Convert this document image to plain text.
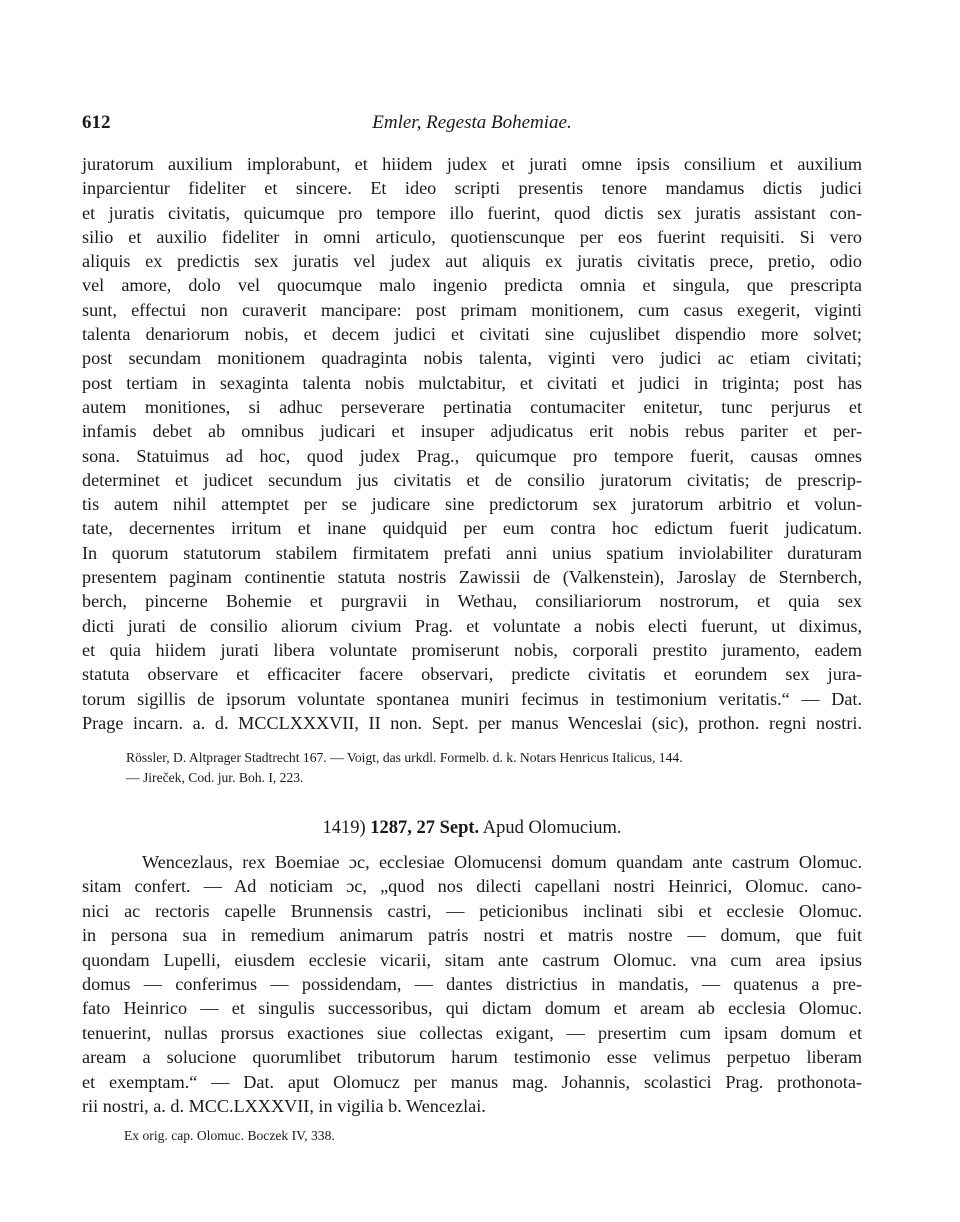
612	Emler, Regesta Bohemiae.
juratorum auxilium implorabunt, et hiidem judex et jurati omne ipsis consilium et auxilium
inparcientur fideliter et sincere. Et ideo scripti presentis tenore mandamus dictis judici
et juratis civitatis, quicumque pro tempore illo fuerint, quod dictis sex juratis assistant con-
silio et auxilio fideliter in omni articulo, quotienscunque per eos fuerint requisiti. Si vero
aliquis ex predictis sex juratis vel judex aut aliquis ex juratis civitatis prece, pretio, odio
vel amore, dolo vel quocumque malo ingenio predicta omnia et singula, que prescripta
sunt, effectui non curaverit mancipare: post primam monitionem, cum casus exegerit, viginti
talenta denariorum nobis, et decem judici et civitati sine cujuslibet dispendio more solvet;
post secundam monitionem quadraginta nobis talenta, viginti vero judici ac etiam civitati;
post tertiam in sexaginta talenta nobis mulctabitur, et civitati et judici in triginta; post has
autem monitiones, si adhuc perseverare pertinatia contumaciter enitetur, tunc perjurus et
infamis debet ab omnibus judicari et insuper adjudicatus erit nobis rebus pariter et per-
sona. Statuimus ad hoc, quod judex Prag., quicumque pro tempore fuerit, causas omnes
determinet et judicet secundum jus civitatis et de consilio juratorum civitatis; de prescrip-
tis autem nihil attemptet per se judicare sine predictorum sex juratorum arbitrio et volun-
tate, decernentes irritum et inane quidquid per eum contra hoc edictum fuerit judicatum.
In quorum statutorum stabilem firmitatem prefati anni unius spatium inviolabiliter duraturam
presentem paginam continentie statuta nostris Zawissii de (Valkenstein), Jaroslay de Sternberch,
berch, pincerne Bohemie et purgravii in Wethau, consiliariorum nostrorum, et quia sex
dicti jurati de consilio aliorum civium Prag. et voluntate a nobis electi fuerunt, ut diximus,
et quia hiidem jurati libera voluntate promiserunt nobis, corporali prestito juramento, eadem
statuta observare et efficaciter facere observari, predicte civitatis et eorundem sex jura-
torum sigillis de ipsorum voluntate spontanea muniri fecimus in testimonium veritatis.“ — Dat.
Prage incarn. a. d. MCCLXXXVII, II non. Sept. per manus Wenceslai (sic), prothon. regni nostri.
Rössler, D. Altprager Stadtrecht 167. — Voigt, das urkdl. Formelb. d. k. Notars Henricus Italicus, 144.
— Jireček, Cod. jur. Boh. I, 223.
1419) 1287, 27 Sept. Apud Olomucium.
Wencezlaus, rex Boemiae ɔc, ecclesiae Olomucensi domum quandam ante castrum Olomuc.
sitam confert. — Ad noticiam ɔc, „quod nos dilecti capellani nostri Heinrici, Olomuc. cano-
nici ac rectoris capelle Brunnensis castri, — peticionibus inclinati sibi et ecclesie Olomuc.
in persona sua in remedium animarum patris nostri et matris nostre — domum, que fuit
quondam Lupelli, eiusdem ecclesie vicarii, sitam ante castrum Olomuc. vna cum area ipsius
domus — conferimus — possidendam, — dantes districtius in mandatis, — quatenus a pre-
fato Heinrico — et singulis successoribus, qui dictam domum et aream ab ecclesia Olomuc.
tenuerint, nullas prorsus exactiones siue collectas exigant, — presertim cum ipsam domum et
aream a solucione quorumlibet tributorum harum testimonio esse velimus perpetuo liberam
et exemptam.“ — Dat. aput Olomucz per manus mag. Johannis, scolastici Prag. prothonota-
rii nostri, a. d. MCC.LXXXVII, in vigilia b. Wencezlai.
Ex orig. cap. Olomuc. Boczek IV, 338.
